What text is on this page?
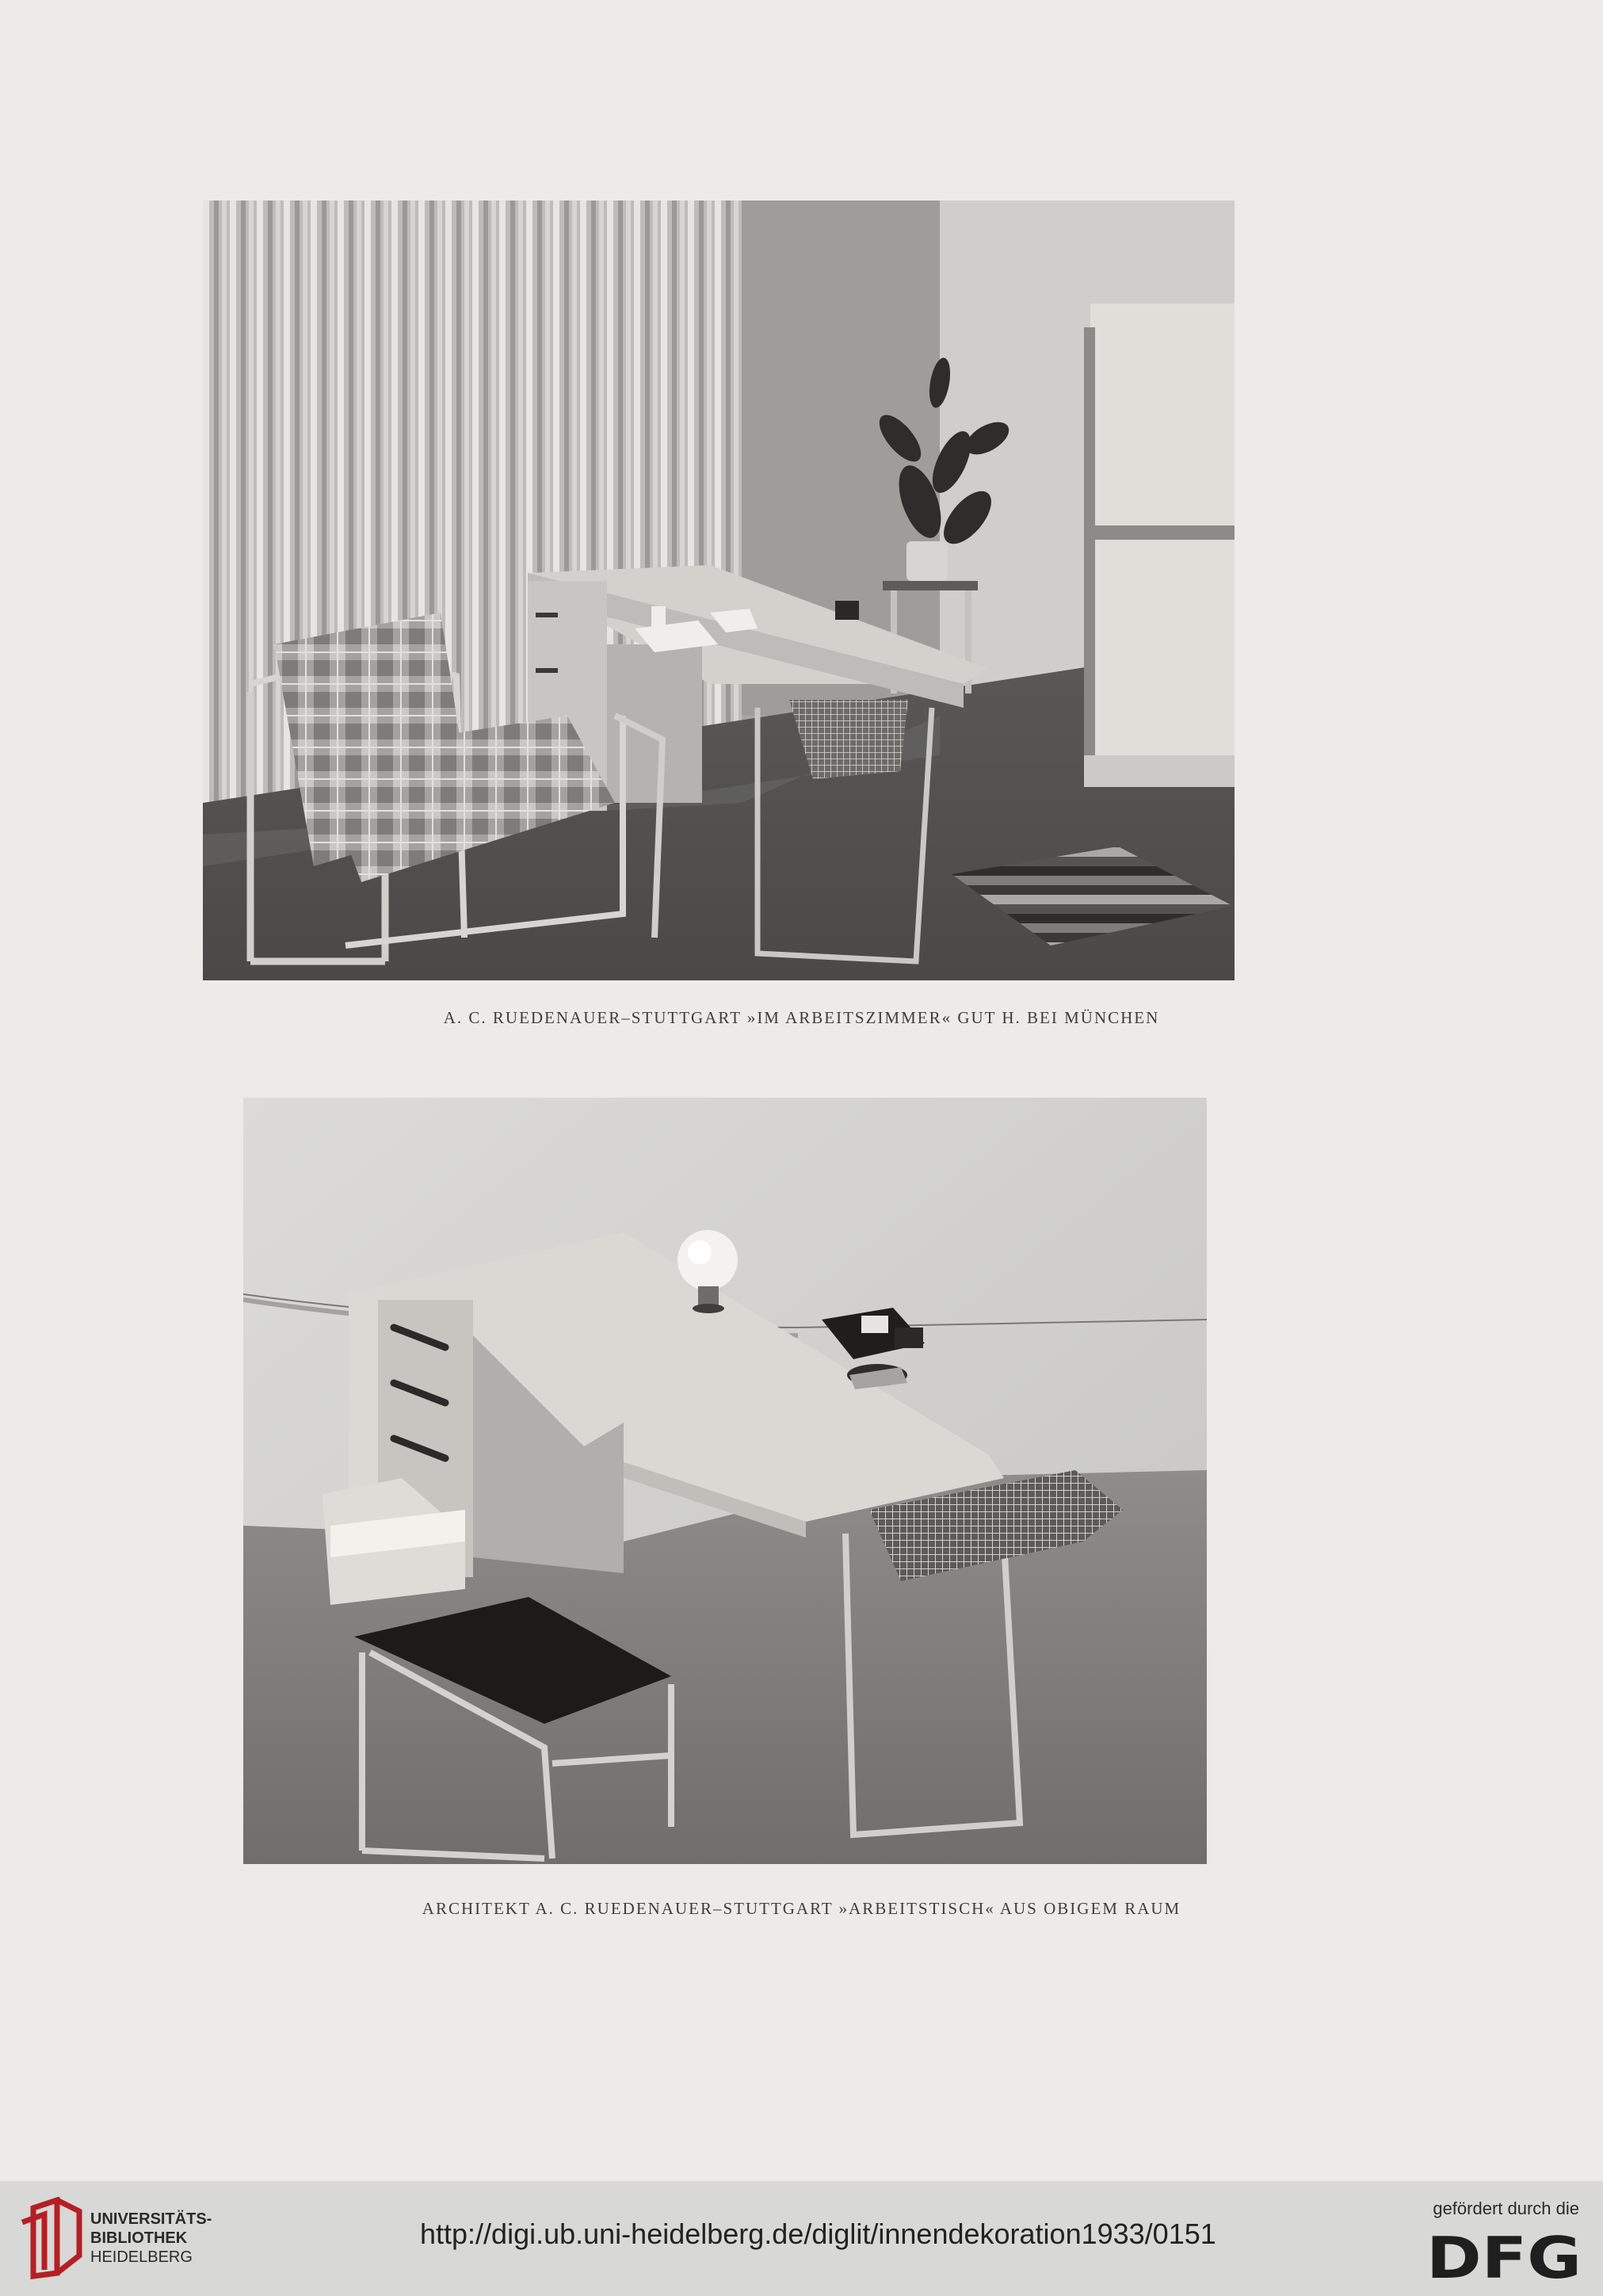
A. C. RUEDENAUER–STUTTGART »IM ARBEITSZIMMER« GUT H. BEI MÜNCHEN
ARCHITEKT A. C. RUEDENAUER–STUTTGART »ARBEITSTISCH« AUS OBIGEM RAUM
UNIVERSITÄTS-
BIBLIOTHEK
HEIDELBERG
http://digi.ub.uni-heidelberg.de/diglit/innendekoration1933/0151
gefördert durch die
DFG
